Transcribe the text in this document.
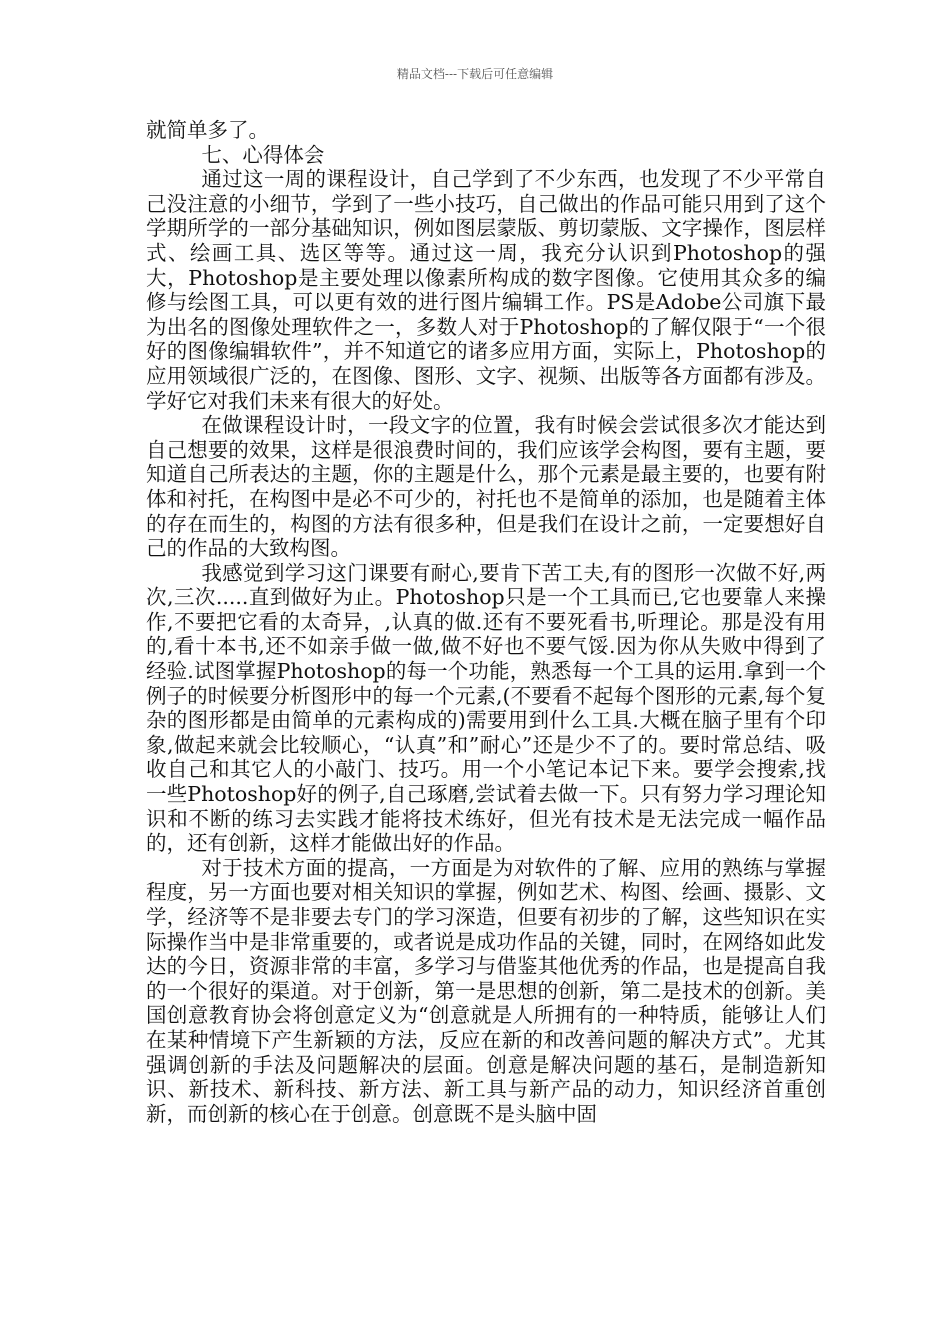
精品文档---下载后可任意编辑

就简单多了。

七、心得体会

通过这一周的课程设计，自己学到了不少东西，也发现了不少平常自己没注意的小细节，学到了一些小技巧，自己做出的作品可能只用到了这个学期所学的一部分基础知识，例如图层蒙版、剪切蒙版、文字操作，图层样式、绘画工具、选区等等。通过这一周，我充分认识到Photoshop的强大，Photoshop是主要处理以像素所构成的数字图像。它使用其众多的编修与绘图工具，可以更有效的进行图片编辑工作。PS是Adobe公司旗下最为出名的图像处理软件之一，多数人对于Photoshop的了解仅限于“一个很好的图像编辑软件”，并不知道它的诸多应用方面，实际上，Photoshop的应用领域很广泛的，在图像、图形、文字、视频、出版等各方面都有涉及。学好它对我们未来有很大的好处。

在做课程设计时，一段文字的位置，我有时候会尝试很多次才能达到自己想要的效果，这样是很浪费时间的，我们应该学会构图，要有主题，要知道自己所表达的主题，你的主题是什么，那个元素是最主要的，也要有附体和衬托，在构图中是必不可少的，衬托也不是简单的添加，也是随着主体的存在而生的，构图的方法有很多种，但是我们在设计之前，一定要想好自己的作品的大致构图。

我感觉到学习这门课要有耐心,要肯下苦工夫,有的图形一次做不好,两次,三次.....直到做好为止。Photoshop只是一个工具而已,它也要靠人来操作,不要把它看的太奇异，,认真的做.还有不要死看书,听理论。那是没有用的,看十本书,还不如亲手做一做,做不好也不要气馁.因为你从失败中得到了经验.试图掌握Photoshop的每一个功能，熟悉每一个工具的运用.拿到一个例子的时候要分析图形中的每一个元素,(不要看不起每个图形的元素,每个复杂的图形都是由简单的元素构成的)需要用到什么工具.大概在脑子里有个印象,做起来就会比较顺心，“认真”和”耐心”还是少不了的。要时常总结、吸收自己和其它人的小敲门、技巧。用一个小笔记本记下来。要学会搜索,找一些Photoshop好的例子,自己琢磨,尝试着去做一下。只有努力学习理论知识和不断的练习去实践才能将技术练好，但光有技术是无法完成一幅作品的，还有创新，这样才能做出好的作品。

对于技术方面的提高，一方面是为对软件的了解、应用的熟练与掌握程度，另一方面也要对相关知识的掌握，例如艺术、构图、绘画、摄影、文学，经济等不是非要去专门的学习深造，但要有初步的了解，这些知识在实际操作当中是非常重要的，或者说是成功作品的关键，同时，在网络如此发达的今日，资源非常的丰富，多学习与借鉴其他优秀的作品，也是提高自我的一个很好的渠道。对于创新，第一是思想的创新，第二是技术的创新。美国创意教育协会将创意定义为“创意就是人所拥有的一种特质，能够让人们在某种情境下产生新颖的方法，反应在新的和改善问题的解决方式”。尤其强调创新的手法及问题解决的层面。创意是解决问题的基石，是制造新知识、新技术、新科技、新方法、新工具与新产品的动力，知识经济首重创新，而创新的核心在于创意。创意既不是头脑中固
